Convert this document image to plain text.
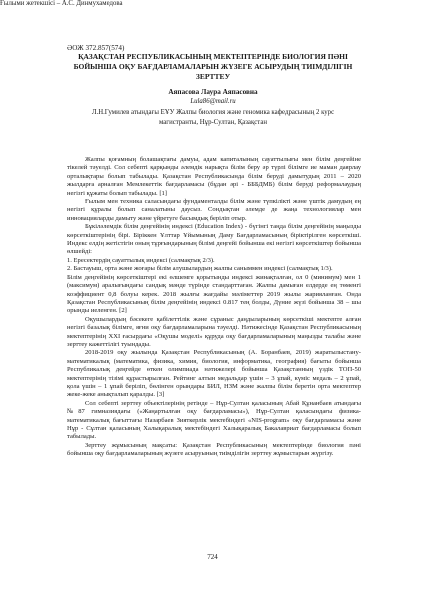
ӘОЖ 372.857(574)
ҚАЗАҚСТАН РЕСПУБЛИКАСЫНЫҢ МЕКТЕПТЕРІНДЕ БИОЛОГИЯ ПӘНІ БОЙЫНША ОҚУ БАҒДАРЛАМАЛАРЫН ЖҮЗЕГЕ АСЫРУДЫҢ ТИІМДІЛІГІН ЗЕРТТЕУ
Аяпасова Лаура Аяпасовна
Lula86@mail.ru
Л.Н.Гумилев атындағы ЕҰУ Жалпы биология және геномика кафедрасының 2 курс
магистранты, Нұр-Султан, Қазақстан
Ғылыми жетекшісі – А.С. Динмухамедова

Жалпы қоғамның болашақтағы дамуы, адам капиталының сауаттылығы мен білім деңгейіне тікелей тәуелді. Сол себепті қарқынды әлемдік нарықта білім беру әр түрлі білімге ие маман даярлау орталықтары болып табылады. Қазақстан Республикасында білім беруді дамытудың 2011 – 2020 жылдарға арналған Мемлекеттік бағдарламасы (бұдан әрі - БББДМБ) білім беруді реформалаудың негізгі құжаты болып табылады. [1]

Ғылым мен техника саласындағы фундаменталды білім және түпкілікті және үштік дамудың ең негізгі құралы болып саналатыны даусыз. Сондықтан әлемде де жаңа технологиялар мен инновацияларды дамыту және үйретуге басымдық беріліп отыр.

Бұкіләлемдік білім деңгейінің индексі (Education Index) - бүгінгі таңда білім деңгейінің маңызды көрсеткіштерінің бірі. Біріккен Ұлттар Ұйымының Даму Бағдарламасының біріктірілген көрсеткіші. Индекс елдің жетістігін оның тұрғындарының білімі деңгейі бойынша екі негізгі көрсеткіштер бойынша өлшейді:

1. Ересектердің сауаттылық индексі (салмақтық 2/3).

2. Бастауыш, орта және жоғары білім алушылардың жалпы саныммен индексі (салмақтық 1/3).

Білім деңгейінің көрсеткіштері екі өлшемге қорытынды индексі жинақталған, ол 0 (минимум) мен 1 (максимум) аралығындағы сандық мәнде түрінде стандарттаған. Жалпы дамыған елдерде ең төменгі коэффициент 0,8 болуы керек. 2018 жылғы жағдайы мәліметтер 2019 жылы жарияланған. Онда Қазақстан Республикасының білім деңгейінің индексі 0.817 тең болды, Дүние жүзі бойынша 38 – шы орынды иеленген. [2]

Оқушылардың бәсекеге қабілеттілік және сұраныс даңдыларының көрсеткіші мектепте алған негізгі базалық білімге, яғни оқу бағдарламаларына тәуелді. Нәтижесінде Қазақстан Республикасының мектептерінің XXI ғасырдағы «Оқушы моделі» құруда оқу бағдарламаларының маңызды талабы және зерттеу кажеттілігі туындады.

2018-2019 оқу жылында Қазақстан Республикасының (А. Боранбаев, 2019) жаратылыстану-математикалық (математика, физика, химия, биология, информатика, география) бағыты бойынша Республикалық деңгейде өткен олимпиада нәтижелері бойынша Қазақстанның үздік ТОП-50 мектептерінің тізімі құрастырылған. Рейтинг алтын медальдар үшін – 3 ұпай, күміс медаль – 2 ұпай, қола үшін – 1 ұпай беріліп, бөлінген орындары БИЛ, НЗМ және жалпы білім беретін орта мектептер жеке-жеке анықталып қаралды. [3]

Сол себепті зерттеу объектілерінің ретінде – Нұр-Султан қаласының Абай Құнанбаев атындағы №87 гимназиядағы («Жаңартылған оқу бағдарламасы»), Нұр-Султан қаласындағы физика-математикалық бағыттағы Назарбаев Зияткерлік мектебіндегі «NIS-program» оқу бағдарламасы және Нұр - Сұлтан қаласының Халықаралық мектебіндегі Халықаралық Бакалавриат бағдарламасы болып табылады.

Зерттеу жұмысының мақсаты: Қазақстан Республикасының мектептерінде биология пәні бойынша оқу бағдарламаларының жүзеге асыруының тиімділігін зерттеу жұмыстарын жүргізу.

724
